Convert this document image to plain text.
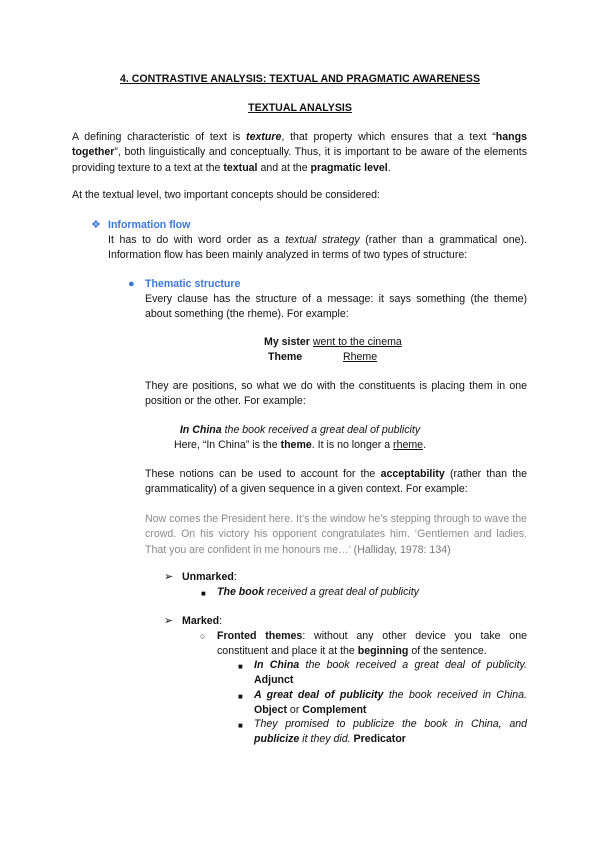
4. CONTRASTIVE ANALYSIS: TEXTUAL AND PRAGMATIC AWARENESS
TEXTUAL ANALYSIS
A defining characteristic of text is texture, that property which ensures that a text “hangs together”, both linguistically and conceptually. Thus, it is important to be aware of the elements providing texture to a text at the textual and at the pragmatic level.
At the textual level, two important concepts should be considered:
❖ Information flow
It has to do with word order as a textual strategy (rather than a grammatical one). Information flow has been mainly analyzed in terms of two types of structure:
● Thematic structure
Every clause has the structure of a message: it says something (the theme) about something (the rheme). For example:
My sister went to the cinema
Theme	Rheme
They are positions, so what we do with the constituents is placing them in one position or the other. For example:
In China the book received a great deal of publicity
Here, “In China” is the theme. It is no longer a rheme.
These notions can be used to account for the acceptability (rather than the grammaticality) of a given sequence in a given context. For example:
Now comes the President here. It’s the window he’s stepping through to wave the crowd. On his victory his opponent congratulates him. ‘Gentlemen and ladies. That you are confident in me honours me…’ (Halliday, 1978: 134)
➢ Unmarked:
■ The book received a great deal of publicity
➢ Marked:
○ Fronted themes: without any other device you take one constituent and place it at the beginning of the sentence.
■ In China the book received a great deal of publicity. Adjunct
■ A great deal of publicity the book received in China. Object or Complement
■ They promised to publicize the book in China, and publicize it they did. Predicator
